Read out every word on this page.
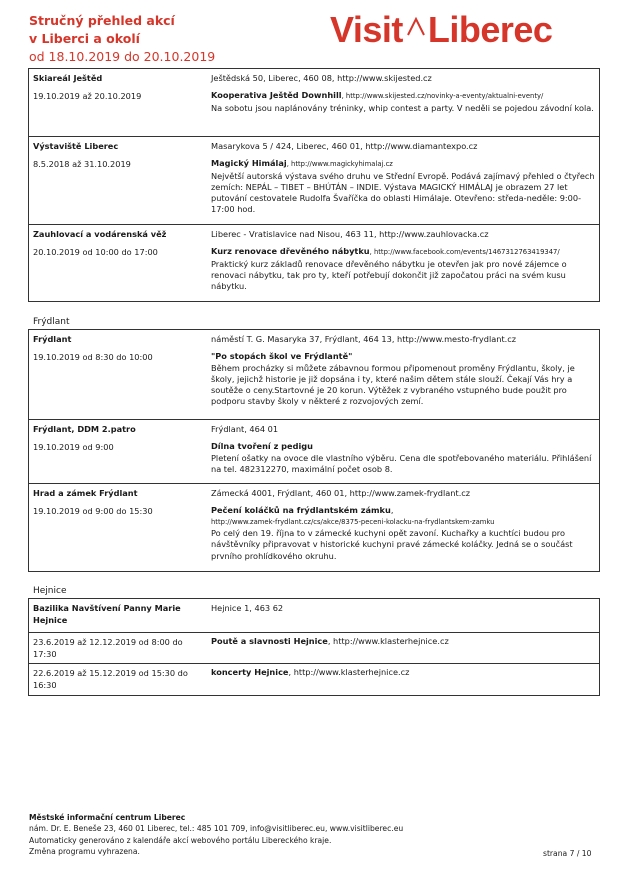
Stručný přehled akcí
v Liberci a okolí
od 18.10.2019 do 20.10.2019
Visit Liberec
Skiareál Ještěd
19.10.2019 až 20.10.2019
Ještědská 50, Liberec, 460 08, http://www.skijested.cz
Kooperativa Ještěd Downhill, http://www.skijested.cz/novinky-a-eventy/aktualni-eventy/
Na sobotu jsou naplánovány tréninky, whip contest a party. V neděli se pojedou závodní kola.
Výstaviště Liberec
8.5.2018 až 31.10.2019
Masarykova 5 / 424, Liberec, 460 01, http://www.diamantexpo.cz
Magický Himálaj, http://www.magickyhimalaj.cz
Největší autorská výstava svého druhu ve Střední Evropě. Podává zajímavý přehled o čtyřech zemích: NEPÁL – TIBET – BHÚTÁN – INDIE. Výstava MAGICKÝ HIMÁLAJ je obrazem 27 let putování cestovatele Rudolfa Švaříčka do oblasti Himálaje. Otevřeno: středa-neděle: 9:00-17:00 hod.
Zauhlovací a vodárenská věž
20.10.2019 od 10:00 do 17:00
Liberec - Vratislavice nad Nisou, 463 11, http://www.zauhlovacka.cz
Kurz renovace dřevěného nábytku, http://www.facebook.com/events/1467312763419347/
Praktický kurz základů renovace dřevěného nábytku je otevřen jak pro nové zájemce o renovaci nábytku, tak pro ty, kteří potřebují dokončit již započatou práci na svém kusu nábytku.
Frýdlant
Frýdlant
19.10.2019 od 8:30 do 10:00
náměstí T. G. Masaryka 37, Frýdlant, 464 13, http://www.mesto-frydlant.cz
"Po stopách škol ve Frýdlantě"
Během procházky si můžete zábavnou formou připomenout proměny Frýdlantu, školy, je školy, jejichž historie je již dopsána i ty, které našim dětem stále slouží. Čekají Vás hry a soutěže o ceny.Startovné je 20 korun. Výtěžek z vybraného vstupného bude použit pro podporu stavby školy v některé z rozvojových zemí.
Frýdlant, DDM 2.patro
19.10.2019 od 9:00
Frýdlant, 464 01
Dílna tvoření z pedigu
Pletení ošatky na ovoce dle vlastního výběru. Cena dle spotřebovaného materiálu. Přihlášení na tel. 482312270, maximální počet osob 8.
Hrad a zámek Frýdlant
19.10.2019 od 9:00 do 15:30
Zámecká 4001, Frýdlant, 460 01, http://www.zamek-frydlant.cz
Pečení koláčků na frýdlantském zámku,
http://www.zamek-frydlant.cz/cs/akce/8375-peceni-kolacku-na-frydlantskem-zamku
Po celý den 19. října to v zámecké kuchyni opět zavoní. Kuchařky a kuchtíci budou pro návštěvníky připravovat v historické kuchyni pravé zámecké koláčky. Jedná se o součást prvního prohlídkového okruhu.
Hejnice
Bazilika Navštívení Panny Marie Hejnice
Hejnice 1, 463 62
23.6.2019 až 12.12.2019 od 8:00 do 17:30
Poutě a slavnosti Hejnice, http://www.klasterhejnice.cz
22.6.2019 až 15.12.2019 od 15:30 do 16:30
koncerty Hejnice, http://www.klasterhejnice.cz
Městské informační centrum Liberec
nám. Dr. E. Beneše 23, 460 01 Liberec, tel.: 485 101 709, info@visitliberec.eu, www.visitliberec.eu
Automaticky generováno z kalendáře akcí webového portálu Libereckého kraje.
Změna programu vyhrazena.	strana 7 / 10
